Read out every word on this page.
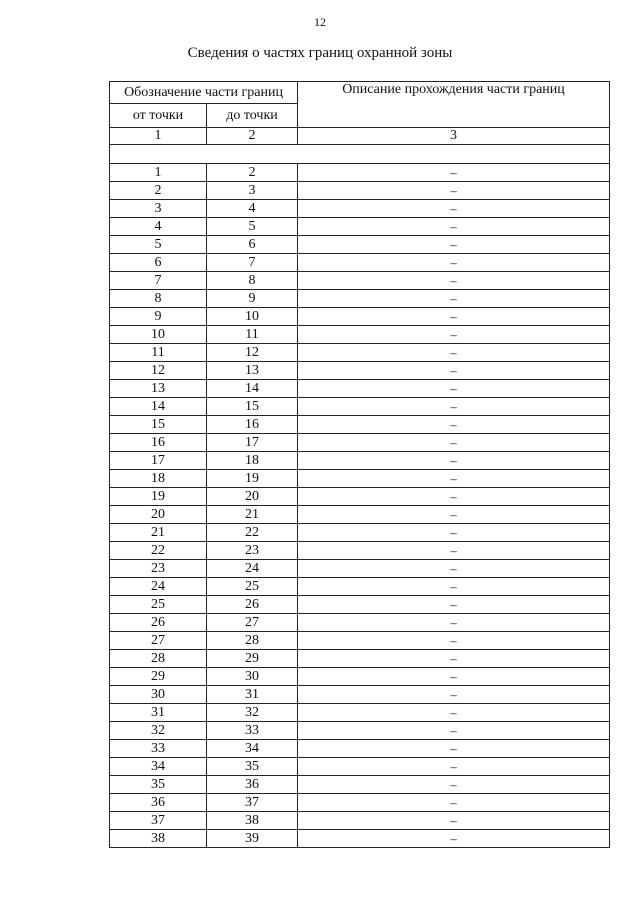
12
Сведения о частях границ охранной зоны
Обозначение части границ		Описание прохождения части границ
от точки	до точки	
1	2	3

1	2	–
2	3	–
3	4	–
4	5	–
5	6	–
6	7	–
7	8	–
8	9	–
9	10	–
10	11	–
11	12	–
12	13	–
13	14	–
14	15	–
15	16	–
16	17	–
17	18	–
18	19	–
19	20	–
20	21	–
21	22	–
22	23	–
23	24	–
24	25	–
25	26	–
26	27	–
27	28	–
28	29	–
29	30	–
30	31	–
31	32	–
32	33	–
33	34	–
34	35	–
35	36	–
36	37	–
37	38	–
38	39	–
